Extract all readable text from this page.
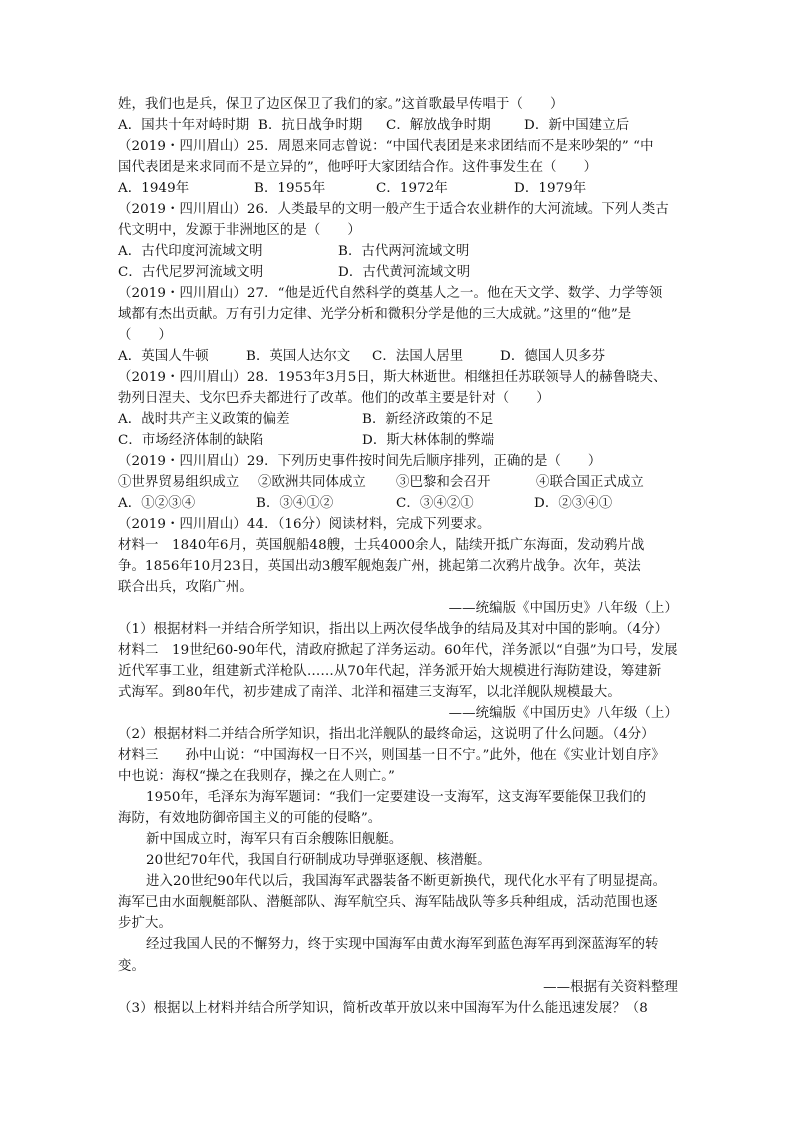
姓，我们也是兵，保卫了边区保卫了我们的家。”这首歌最早传唱于（　　）
A．国共十年对峙时期 B．抗日战争时期	C．解放战争时期	D．新中国建立后
（2019・四川眉山）25．周恩来同志曾说：“中国代表团是来求团结而不是来吵架的” “中
国代表团是来求同而不是立异的”，他呼吁大家团结合作。这件事发生在（　　）
A．1949年	B．1955年	C．1972年	D．1979年
（2019・四川眉山）26．人类最早的文明一般产生于适合农业耕作的大河流域。下列人类古
代文明中，发源于非洲地区的是（　　）
A．古代印度河流域文明	B．古代两河流域文明
C．古代尼罗河流域文明	D．古代黄河流域文明
（2019・四川眉山）27．“他是近代自然科学的奠基人之一。他在天文学、数学、力学等领
域都有杰出贡献。万有引力定律、光学分析和微积分学是他的三大成就。”这里的“他”是
（　　）
A．英国人牛顿	B．英国人达尔文	C．法国人居里	D．德国人贝多芬
（2019・四川眉山）28．1953年3月5日，斯大林逝世。相继担任苏联领导人的赫鲁晓夫、
勃列日涅夫、戈尔巴乔夫都进行了改革。他们的改革主要是针对（　　）
A．战时共产主义政策的偏差	B．新经济政策的不足
C．市场经济体制的缺陷	D．斯大林体制的弊端
（2019・四川眉山）29．下列历史事件按时间先后顺序排列，正确的是（　　）
①世界贸易组织成立	②欧洲共同体成立	③巴黎和会召开	④联合国正式成立
A．①②③④	B．③④①②	C．③④②①	D．②③④①
（2019・四川眉山）44．（16分）阅读材料，完成下列要求。
材料一　1840年6月，英国舰船48艘，士兵4000余人，陆续开抵广东海面，发动鸦片战
争。1856年10月23日，英国出动3艘军舰炮轰广州，挑起第二次鸦片战争。次年，英法
联合出兵，攻陷广州。
——统编版《中国历史》八年级（上）
（1）根据材料一并结合所学知识，指出以上两次侵华战争的结局及其对中国的影响。（4分）
材料二　19世纪60-90年代，清政府掀起了洋务运动。60年代，洋务派以“自强”为口号，发展
近代军事工业，组建新式洋枪队……从70年代起，洋务派开始大规模进行海防建设，筹建新
式海军。到80年代，初步建成了南洋、北洋和福建三支海军，以北洋舰队规模最大。
——统编版《中国历史》八年级（上）
（2）根据材料二并结合所学知识，指出北洋舰队的最终命运，这说明了什么问题。（4分）
材料三　　孙中山说：“中国海权一日不兴，则国基一日不宁。”此外，他在《实业计划自序》
中也说：海权“操之在我则存，操之在人则亡。”
1950年，毛泽东为海军题词：“我们一定要建设一支海军，这支海军要能保卫我们的
海防，有效地防御帝国主义的可能的侵略”。
新中国成立时，海军只有百余艘陈旧舰艇。
20世纪70年代，我国自行研制成功导弹驱逐舰、核潜艇。
进入20世纪90年代以后，我国海军武器装备不断更新换代，现代化水平有了明显提高。
海军已由水面舰艇部队、潜艇部队、海军航空兵、海军陆战队等多兵种组成，活动范围也逐
步扩大。
经过我国人民的不懈努力，终于实现中国海军由黄水海军到蓝色海军再到深蓝海军的转
变。
——根据有关资料整理
（3）根据以上材料并结合所学知识，简析改革开放以来中国海军为什么能迅速发展？（8
